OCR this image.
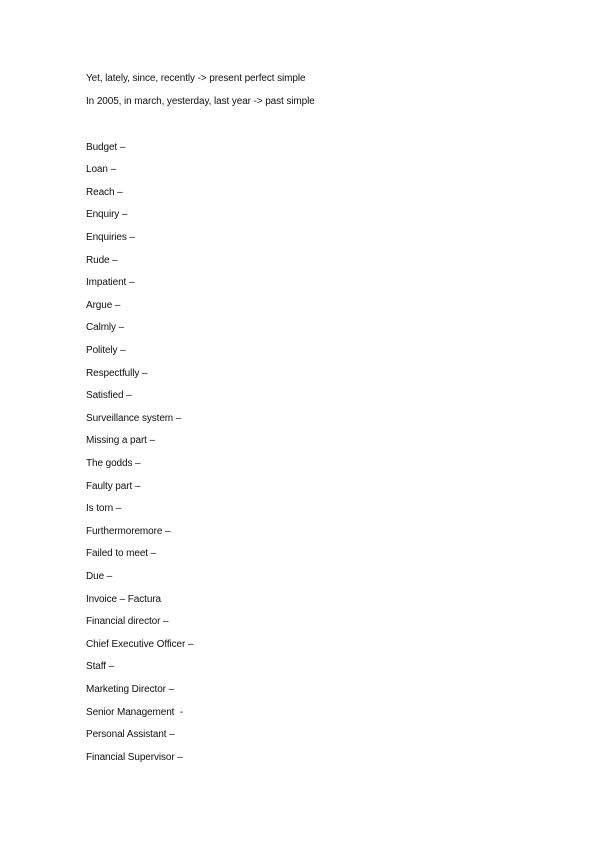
Yet, lately, since, recently -> present perfect simple
In 2005, in march, yesterday, last year -> past simple
Budget –
Loan –
Reach –
Enquiry –
Enquiries –
Rude –
Impatient –
Argue –
Calmly –
Politely –
Respectfully –
Satisfied –
Surveillance system –
Missing a part –
The godds –
Faulty part –
Is torn –
Furthermoremore –
Failed to meet –
Due –
Invoice – Factura
Financial director –
Chief Executive Officer –
Staff –
Marketing Director –
Senior Management  -
Personal Assistant –
Financial Supervisor –
